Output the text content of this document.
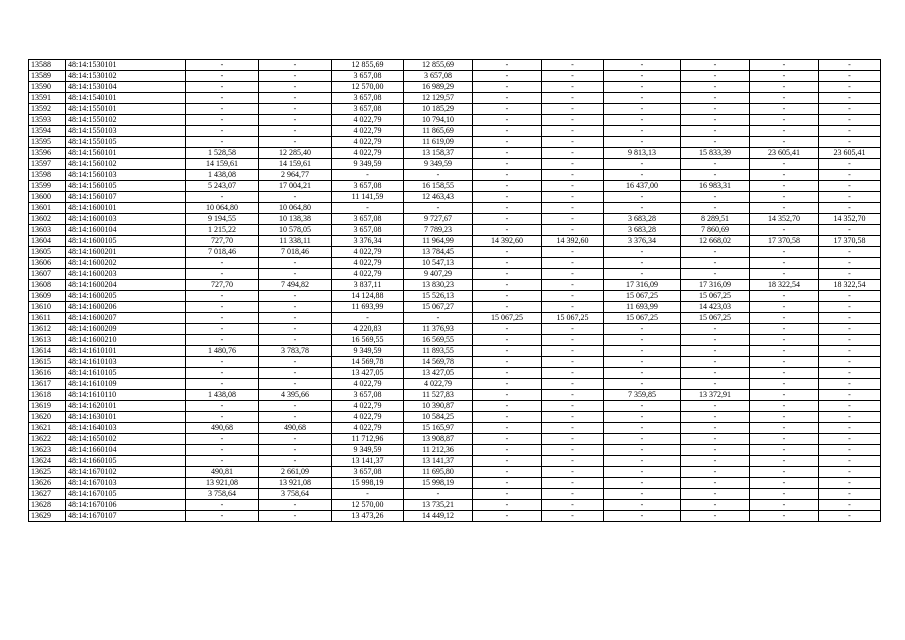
13588	48:14:1530101	-	-	12 855,69	12 855,69	-	-	-	-	-	-
13589	48:14:1530102	-	-	3 657,08	3 657,08	-	-	-	-	-	-
13590	48:14:1530104	-	-	12 570,00	16 989,29	-	-	-	-	-	-
13591	48:14:1540101	-	-	3 657,08	12 129,57	-	-	-	-	-	-
13592	48:14:1550101	-	-	3 657,08	10 185,29	-	-	-	-	-	-
13593	48:14:1550102	-	-	4 022,79	10 794,10	-	-	-	-	-	-
13594	48:14:1550103	-	-	4 022,79	11 865,69	-	-	-	-	-	-
13595	48:14:1550105	-	-	4 022,79	11 619,09	-	-	-	-	-	-
13596	48:14:1560101	1 528,58	12 285,40	4 022,79	13 158,37	-	-	9 813,13	15 833,39	23 605,41	23 605,41
13597	48:14:1560102	14 159,61	14 159,61	9 349,59	9 349,59	-	-	-	-	-	-
13598	48:14:1560103	1 438,08	2 964,77	-	-	-	-	-	-	-	-
13599	48:14:1560105	5 243,07	17 004,21	3 657,08	16 158,55	-	-	16 437,00	16 983,31	-	-
13600	48:14:1560107	-	-	11 141,59	12 463,43	-	-	-	-	-	-
13601	48:14:1600101	10 064,80	10 064,80	-	-	-	-	-	-	-	-
13602	48:14:1600103	9 194,55	10 138,38	3 657,08	9 727,67	-	-	3 683,28	8 289,51	14 352,70	14 352,70
13603	48:14:1600104	1 215,22	10 578,05	3 657,08	7 789,23	-	-	3 683,28	7 860,69	-	-
13604	48:14:1600105	727,70	11 338,11	3 376,34	11 964,99	14 392,60	14 392,60	3 376,34	12 668,02	17 370,58	17 370,58
13605	48:14:1600201	7 018,46	7 018,46	4 022,79	13 784,45	-	-	-	-	-	-
13606	48:14:1600202	-	-	4 022,79	10 547,13	-	-	-	-	-	-
13607	48:14:1600203	-	-	4 022,79	9 407,29	-	-	-	-	-	-
13608	48:14:1600204	727,70	7 494,82	3 837,11	13 830,23	-	-	17 316,09	17 316,09	18 322,54	18 322,54
13609	48:14:1600205	-	-	14 124,88	15 526,13	-	-	15 067,25	15 067,25	-	-
13610	48:14:1600206	-	-	11 693,99	15 067,27	-	-	11 693,99	14 423,03	-	-
13611	48:14:1600207	-	-	-	-	15 067,25	15 067,25	15 067,25	15 067,25	-	-
13612	48:14:1600209	-	-	4 220,83	11 376,93	-	-	-	-	-	-
13613	48:14:1600210	-	-	16 569,55	16 569,55	-	-	-	-	-	-
13614	48:14:1610101	1 480,76	3 783,78	9 349,59	11 893,55	-	-	-	-	-	-
13615	48:14:1610103	-	-	14 569,78	14 569,78	-	-	-	-	-	-
13616	48:14:1610105	-	-	13 427,05	13 427,05	-	-	-	-	-	-
13617	48:14:1610109	-	-	4 022,79	4 022,79	-	-	-	-	-	-
13618	48:14:1610110	1 438,08	4 395,66	3 657,08	11 527,83	-	-	7 359,85	13 372,91	-	-
13619	48:14:1620101	-	-	4 022,79	10 390,87	-	-	-	-	-	-
13620	48:14:1630101	-	-	4 022,79	10 584,25	-	-	-	-	-	-
13621	48:14:1640103	490,68	490,68	4 022,79	15 165,97	-	-	-	-	-	-
13622	48:14:1650102	-	-	11 712,96	13 908,87	-	-	-	-	-	-
13623	48:14:1660104	-	-	9 349,59	11 212,36	-	-	-	-	-	-
13624	48:14:1660105	-	-	13 141,37	13 141,37	-	-	-	-	-	-
13625	48:14:1670102	490,81	2 661,09	3 657,08	11 695,80	-	-	-	-	-	-
13626	48:14:1670103	13 921,08	13 921,08	15 998,19	15 998,19	-	-	-	-	-	-
13627	48:14:1670105	3 758,64	3 758,64	-	-	-	-	-	-	-	-
13628	48:14:1670106	-	-	12 570,00	13 735,21	-	-	-	-	-	-
13629	48:14:1670107	-	-	13 473,26	14 449,12	-	-	-	-	-	-
